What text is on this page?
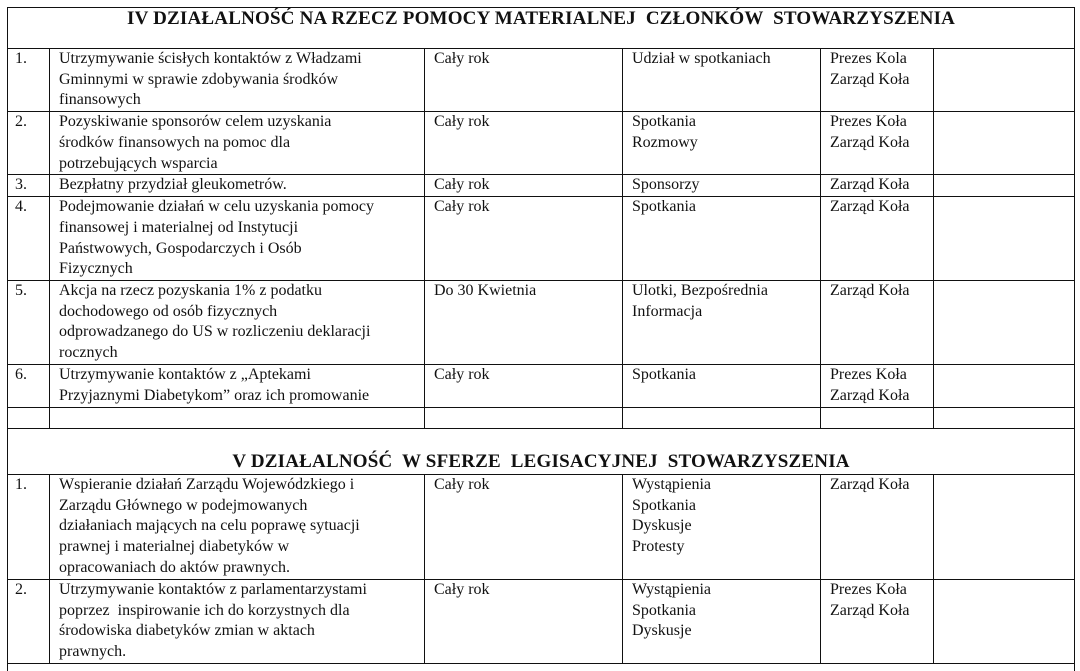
IV DZIAŁALNOŚĆ NA RZECZ POMOCY MATERIALNEJ  CZŁONKÓW  STOWARZYSZENIA					
1.	Utrzymywanie ścisłych kontaktów z Władzami
Gminnymi w sprawie zdobywania środków
finansowych	Cały rok	Udział w spotkaniach	Prezes Kola
Zarząd Koła	

2.	Pozyskiwanie sponsorów celem uzyskania
środków finansowych na pomoc dla
potrzebujących wsparcia	Cały rok	Spotkania
Rozmowy	Prezes Koła
Zarząd Koła	

3.	Bezpłatny przydział gleukometrów.	Cały rok	Sponsorzy	Zarząd Koła	

4.	Podejmowanie działań w celu uzyskania pomocy
finansowej i materialnej od Instytucji
Państwowych, Gospodarczych i Osób
Fizycznych	Cały rok	Spotkania	Zarząd Koła	

5.	Akcja na rzecz pozyskania 1% z podatku
dochodowego od osób fizycznych
odprowadzanego do US w rozliczeniu deklaracji
rocznych	Do 30 Kwietnia	Ulotki, Bezpośrednia
Informacja	Zarząd Koła	

6.	Utrzymywanie kontaktów z „Aptekami
Przyjaznymi Diabetykom” oraz ich promowanie	Cały rok	Spotkania	Prezes Koła
Zarząd Koła	

V DZIAŁALNOŚĆ  W SFERZE  LEGISACYJNEJ  STOWARZYSZENIA					
1.	Wspieranie działań Zarządu Wojewódzkiego i
Zarządu Głównego w podejmowanych
działaniach mających na celu poprawę sytuacji
prawnej i materialnej diabetyków w
opracowaniach do aktów prawnych.	Cały rok	Wystąpienia
Spotkania
Dyskusje
Protesty	Zarząd Koła	

2.	Utrzymywanie kontaktów z parlamentarzystami
poprzez  inspirowanie ich do korzystnych dla
środowiska diabetyków zmian w aktach
prawnych.	Cały rok	Wystąpienia
Spotkania
Dyskusje	Prezes Koła
Zarząd Koła	
